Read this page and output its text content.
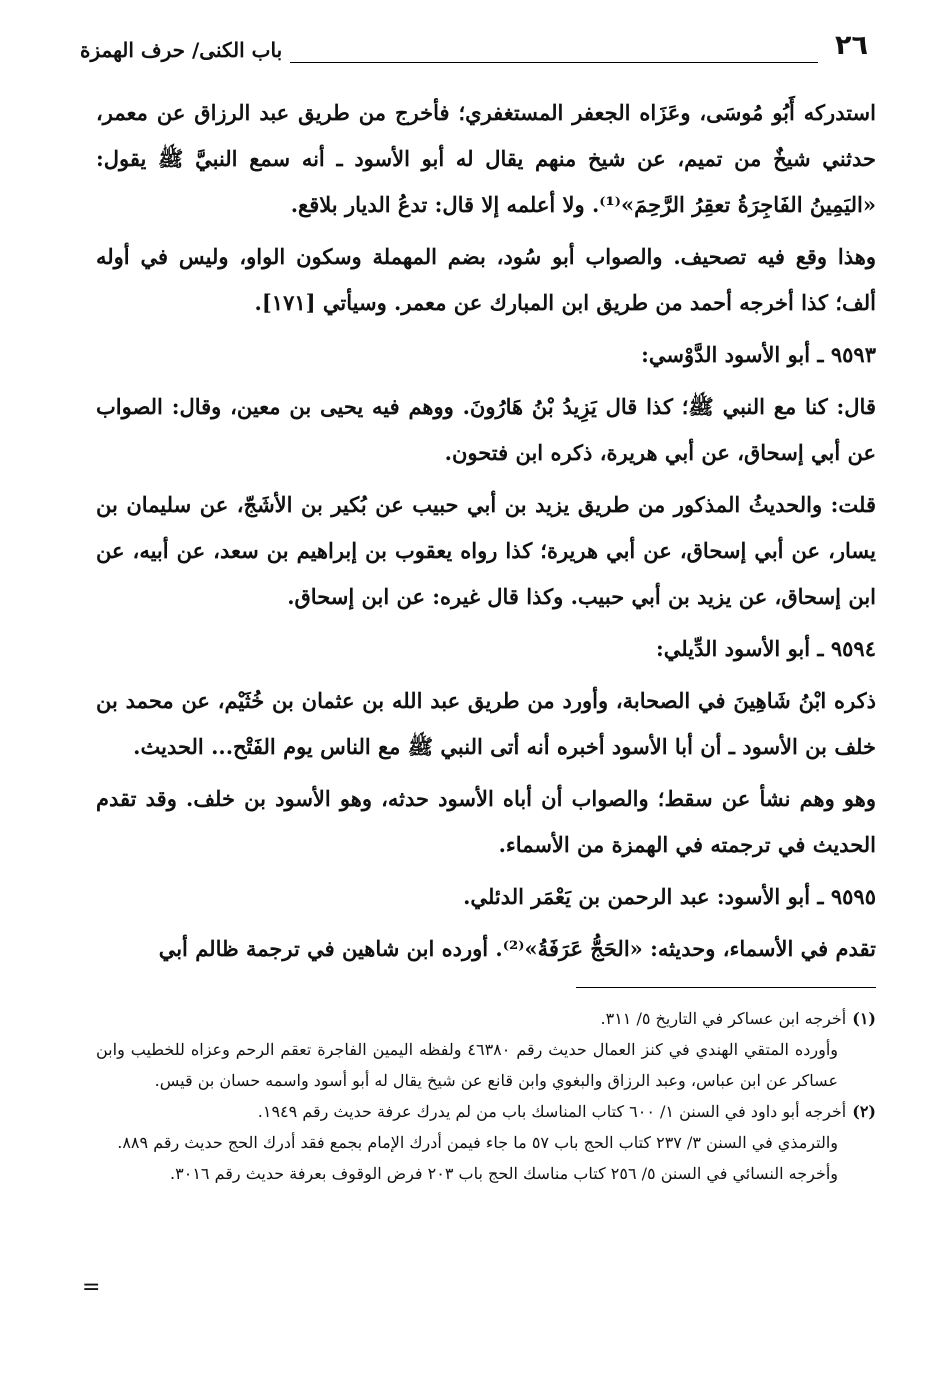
٢٦
باب الكنى/ حرف الهمزة

استدركه أَبُو مُوسَى، وعَزَاه الجعفر المستغفري؛ فأخرج من طريق عبد الرزاق عن معمر، حدثني شيخٌ من تميم، عن شيخ منهم يقال له أبو الأسود ـ أنه سمع النبيَّ ﷺ يقول: «اليَمِينُ الفَاجِرَةُ تعقِرُ الرَّحِمَ»⁽¹⁾. ولا أعلمه إلا قال: تدعُ الديار بلاقع.

وهذا وقع فيه تصحيف. والصواب أبو سُود، بضم المهملة وسكون الواو، وليس في أوله ألف؛ كذا أخرجه أحمد من طريق ابن المبارك عن معمر. وسيأتي [١٧١].

٩٥٩٣ ـ أبو الأسود الدَّوْسي:

قال: كنا مع النبي ﷺ؛ كذا قال يَزِيدُ بْنُ هَارُونَ. ووهم فيه يحيى بن معين، وقال: الصواب عن أبي إسحاق، عن أبي هريرة، ذكره ابن فتحون.

قلت: والحديثُ المذكور من طريق يزيد بن أبي حبيب عن بُكير بن الأشَجّ، عن سليمان بن يسار، عن أبي إسحاق، عن أبي هريرة؛ كذا رواه يعقوب بن إبراهيم بن سعد، عن أبيه، عن ابن إسحاق، عن يزيد بن أبي حبيب. وكذا قال غيره: عن ابن إسحاق.

٩٥٩٤ ـ أبو الأسود الدِّيلي:

ذكره ابْنُ شَاهِينَ في الصحابة، وأورد من طريق عبد الله بن عثمان بن خُثَيْم، عن محمد بن خلف بن الأسود ـ أن أبا الأسود أخبره أنه أتى النبي ﷺ مع الناس يوم الفَتْح... الحديث.

وهو وهم نشأ عن سقط؛ والصواب أن أباه الأسود حدثه، وهو الأسود بن خلف. وقد تقدم الحديث في ترجمته في الهمزة من الأسماء.

٩٥٩٥ ـ أبو الأسود: عبد الرحمن بن يَعْمَر الدئلي.

تقدم في الأسماء، وحديثه: «الحَجُّ عَرَفَةُ»⁽²⁾. أورده ابن شاهين في ترجمة ظالم أبي

(١)أخرجه ابن عساكر في التاريخ ٥/ ٣١١.

وأورده المتقي الهندي في كنز العمال حديث رقم ٤٦٣٨٠ ولفظه اليمين الفاجرة تعقم الرحم وعزاه للخطيب وابن عساكر عن ابن عباس، وعبد الرزاق والبغوي وابن قانع عن شيخ يقال له أبو أسود واسمه حسان بن قيس.

(٢)أخرجه أبو داود في السنن ١/ ٦٠٠ كتاب المناسك باب من لم يدرك عرفة حديث رقم ١٩٤٩.

والترمذي في السنن ٣/ ٢٣٧ كتاب الحج باب ٥٧ ما جاء فيمن أدرك الإمام بجمع فقد أدرك الحج حديث رقم ٨٨٩.

وأخرجه النسائي في السنن ٥/ ٢٥٦ كتاب مناسك الحج باب ٢٠٣ فرض الوقوف بعرفة حديث رقم ٣٠١٦.

=
